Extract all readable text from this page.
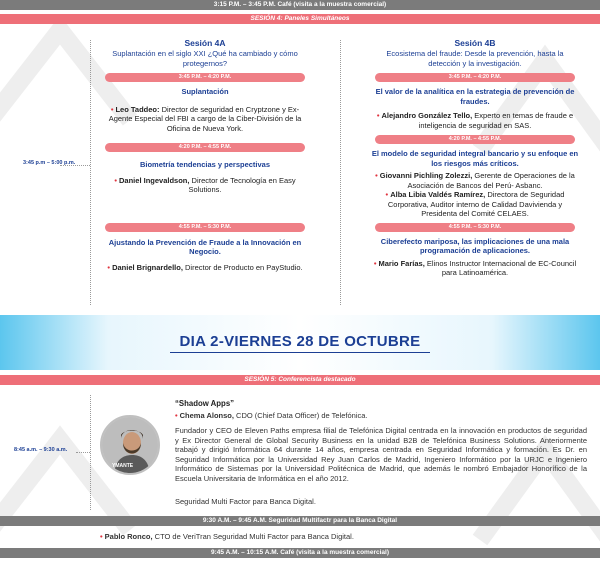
3:15 P.M. – 3:45 P.M. Café (visita a la muestra comercial)
SESIÓN 4: Paneles Simultáneos
3:45 p.m – 5:00 p.m.
Sesión 4A
Suplantación en el siglo XXI ¿Qué ha cambiado y cómo protegernos?
3:45 P.M. – 4:20 P.M.
Suplantación
• Leo Taddeo: Director de seguridad en Cryptzone y Ex-Agente Especial del FBI a cargo de la Ciber-División de la Oficina de Nueva York.
4:20 P.M. – 4:55 P.M.
Biometría tendencias y perspectivas
• Daniel Ingevaldson, Director de Tecnología en Easy Solutions.
4:55 P.M. – 5:30 P.M.
Ajustando la Prevención de Fraude a la Innovación en Negocio.
• Daniel Brignardello, Director de Producto en PayStudio.
Sesión 4B
Ecosistema del fraude: Desde la prevención, hasta la detección y la investigación.
3:45 P.M. – 4:20 P.M.
El valor de la analítica en la estrategia de prevención de fraudes.
• Alejandro González Tello, Experto en temas de fraude e inteligencia de seguridad en SAS.
4:20 P.M. – 4:55 P.M.
El modelo de seguridad integral bancario y su enfoque en los riesgos más críticos.
• Giovanni Pichling Zolezzi, Gerente de Operaciones de la Asociación de Bancos del Perú- Asbanc.
• Alba Libia Valdés Ramírez, Directora de Seguridad Corporativa, Auditor interno de Calidad Davivienda y Presidenta del Comité CELAES.
4:55 P.M. – 5:30 P.M.
Ciberefecto mariposa, las implicaciones de una mala programación de aplicaciones.
• Mario Farías, Elinos Instructor Internacional de EC-Council para Latinoamérica.
DIA 2-VIERNES 28 DE OCTUBRE
SESIÓN 5: Conferencista destacado
8:45 a.m. – 9:30 a.m.
YMANTE
“Shadow Apps”
• Chema Alonso, CDO (Chief Data Officer) de Telefónica.
Fundador y CEO de Eleven Paths empresa filial de Telefónica Digital centrada en la innovación en productos de seguridad y Ex Director General de Global Security Business en la unidad B2B de Telefónica Business Solutions. Anteriormente trabajó y dirigió Informática 64 durante 14 años, empresa centrada en Seguridad Informática y formación. Es Dr. en Seguridad Informática por la Universidad Rey Juan Carlos de Madrid, Ingeniero Informático por la URJC e Ingeniero Informático de Sistemas por la Universidad Politécnica de Madrid, que además le nombró Embajador Honorífico de la Escuela Universitaria de Informática en el año 2012.
Seguridad Multi Factor para Banca Digital.
9:30 A.M. – 9:45 A.M. Seguridad Multifactr para la Banca Digital
• Pablo Ronco, CTO de VeriTran Seguridad Multi Factor para Banca Digital.
9:45 A.M. – 10:15 A.M. Café (visita a la muestra comercial)
